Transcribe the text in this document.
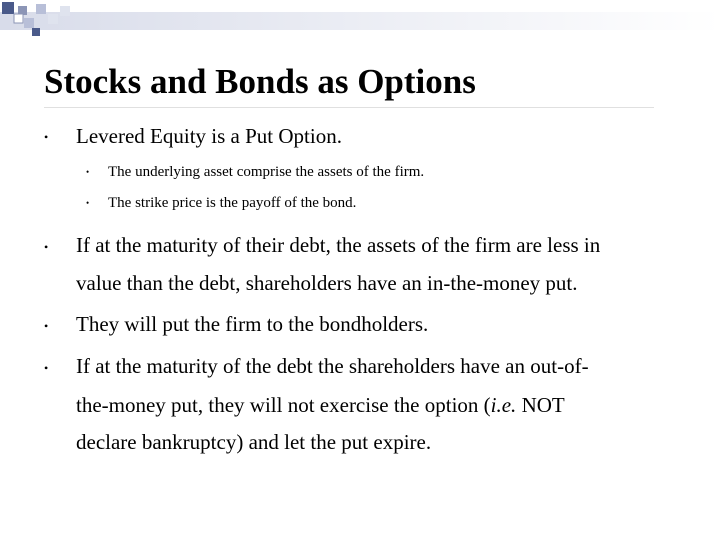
Stocks and Bonds as Options
• Levered Equity is a Put Option.
• The underlying asset comprise the assets of the firm.
• The strike price is the payoff of the bond.
• If at the maturity of their debt, the assets of the firm are less in
value than the debt, shareholders have an in-the-money put.
• They will put the firm to the bondholders.
• If at the maturity of the debt the shareholders have an out-of-
the-money put, they will not exercise the option (i.e. NOT
declare bankruptcy) and let the put expire.
